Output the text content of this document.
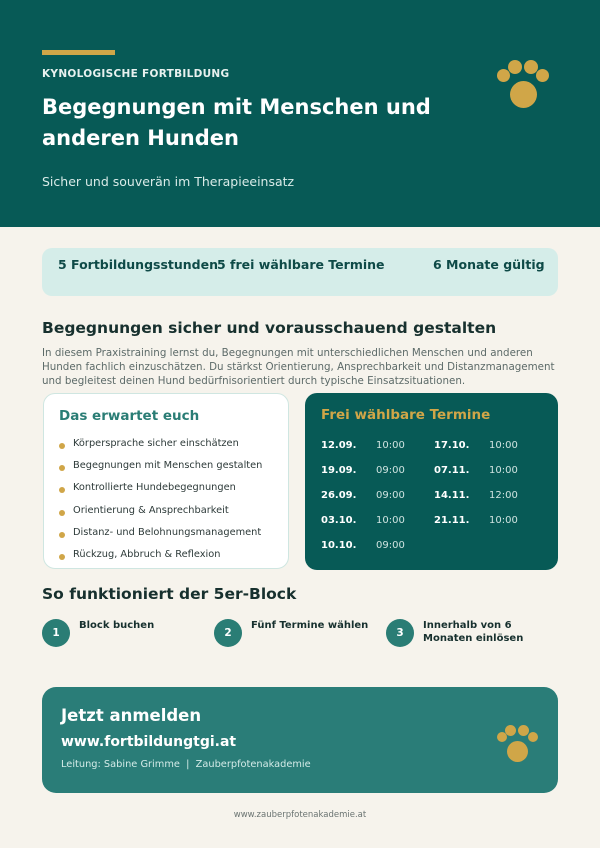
KYNOLOGISCHE FORTBILDUNG
Begegnungen mit Menschen und anderen Hunden
Sicher und souverän im Therapieeinsatz
5 Fortbildungsstunden 5 frei wählbare Termine	6 Monate gültig
Begegnungen sicher und vorausschauend gestalten
In diesem Praxistraining lernst du, Begegnungen mit unterschiedlichen Menschen und anderen Hunden fachlich einzuschätzen. Du stärkst Orientierung, Ansprechbarkeit und Distanzmanagement und begleitest deinen Hund bedürfnisorientiert durch typische Einsatzsituationen.
Das erwartet euch
Körpersprache sicher einschätzen
Begegnungen mit Menschen gestalten
Kontrollierte Hundebegegnungen
Orientierung & Ansprechbarkeit
Distanz- und Belohnungsmanagement
Rückzug, Abbruch & Reflexion
Frei wählbare Termine
12.09. 10:00
19.09. 09:00
26.09. 09:00
03.10. 10:00
10.10. 09:00
17.10. 10:00
07.11. 10:00
14.11. 12:00
21.11. 10:00
So funktioniert der 5er-Block
1
Block buchen
2
Fünf Termine wählen
3
Innerhalb von 6 Monaten einlösen
Jetzt anmelden
www.fortbildungtgi.at
Leitung: Sabine Grimme  |  Zauberpfotenakademie
www.zauberpfotenakademie.at
